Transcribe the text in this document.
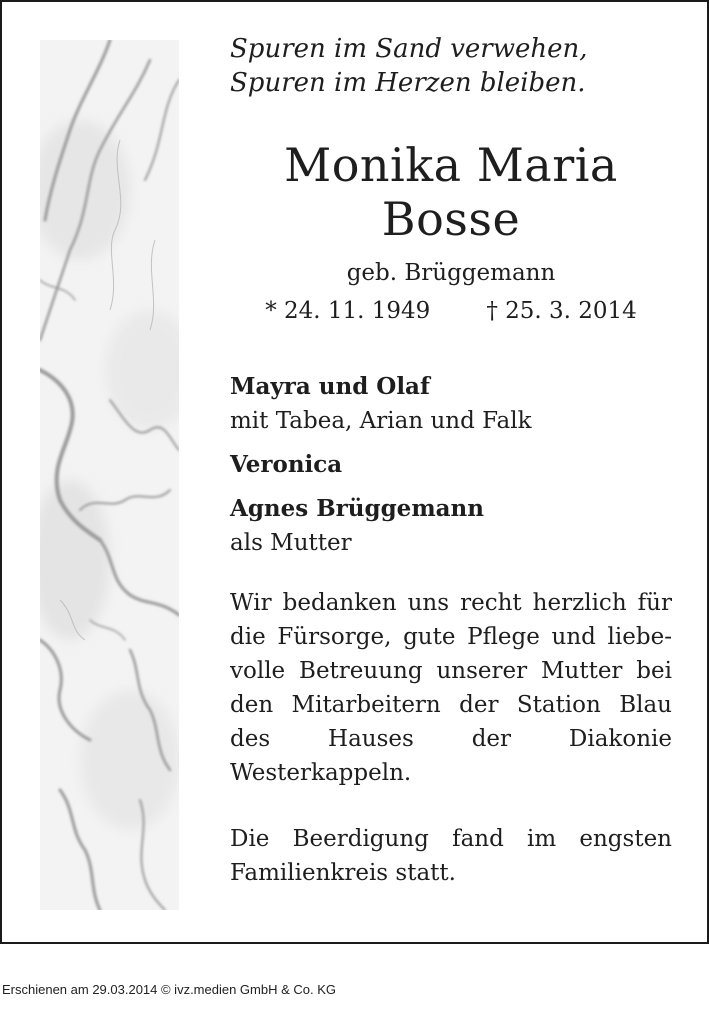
Spuren im Sand verwehen,

Spuren im Herzen bleiben.

Monika Maria
Bosse
geb. Brüggemann
* 24. 11. 1949 † 25. 3. 2014
Mayra und Olaf
mit Tabea, Arian und Falk
Veronica
Agnes Brüggemann
als Mutter

Wir bedanken uns recht herzlich für die Fürsorge, gute Pflege und liebevolle Betreuung unserer Mutter bei den Mitarbeitern der Station Blau des Hauses der Diakonie Westerkappeln.

Die Beerdigung fand im engsten Familienkreis statt.

Erschienen am 29.03.2014 © ivz.medien GmbH & Co. KG
